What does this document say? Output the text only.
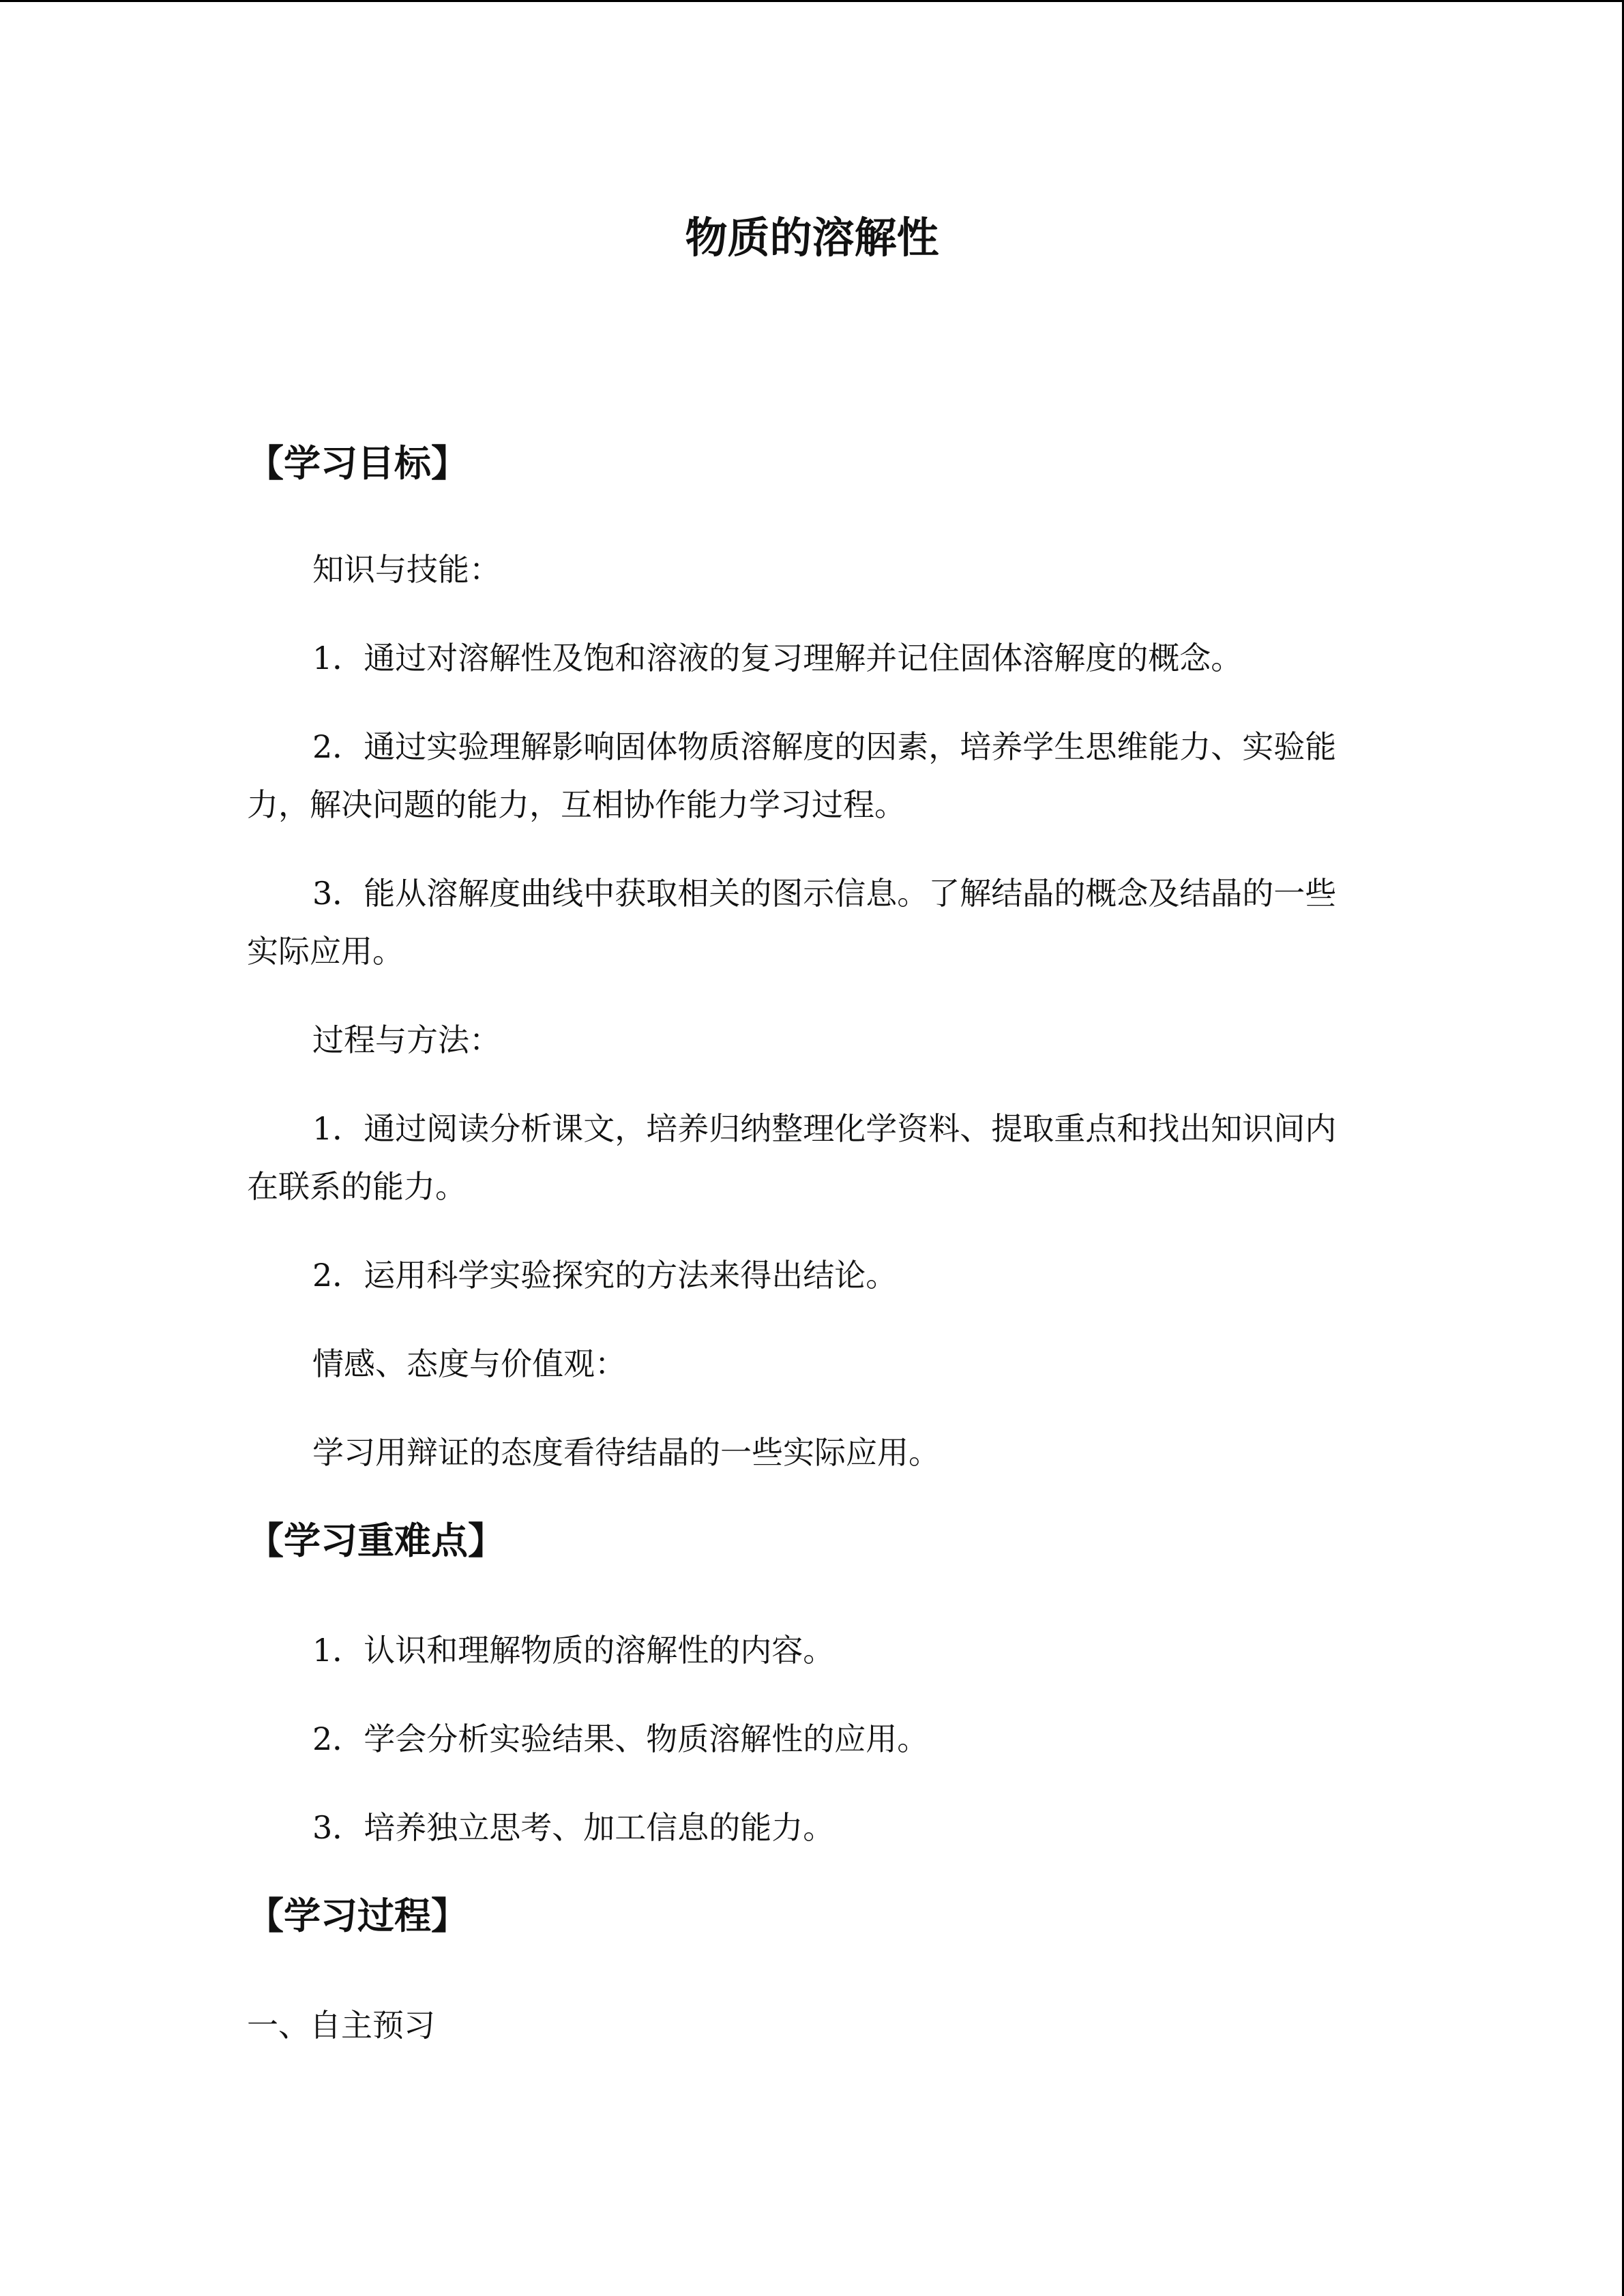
物质的溶解性
【学习目标】
知识与技能：
1．通过对溶解性及饱和溶液的复习理解并记住固体溶解度的概念。
2．通过实验理解影响固体物质溶解度的因素，培养学生思维能力、实验能
力，解决问题的能力，互相协作能力学习过程。
3．能从溶解度曲线中获取相关的图示信息。了解结晶的概念及结晶的一些
实际应用。
过程与方法：
1．通过阅读分析课文，培养归纳整理化学资料、提取重点和找出知识间内
在联系的能力。
2．运用科学实验探究的方法来得出结论。
情感、态度与价值观：
学习用辩证的态度看待结晶的一些实际应用。
【学习重难点】
1．认识和理解物质的溶解性的内容。
2．学会分析实验结果、物质溶解性的应用。
3．培养独立思考、加工信息的能力。
【学习过程】
一、自主预习
